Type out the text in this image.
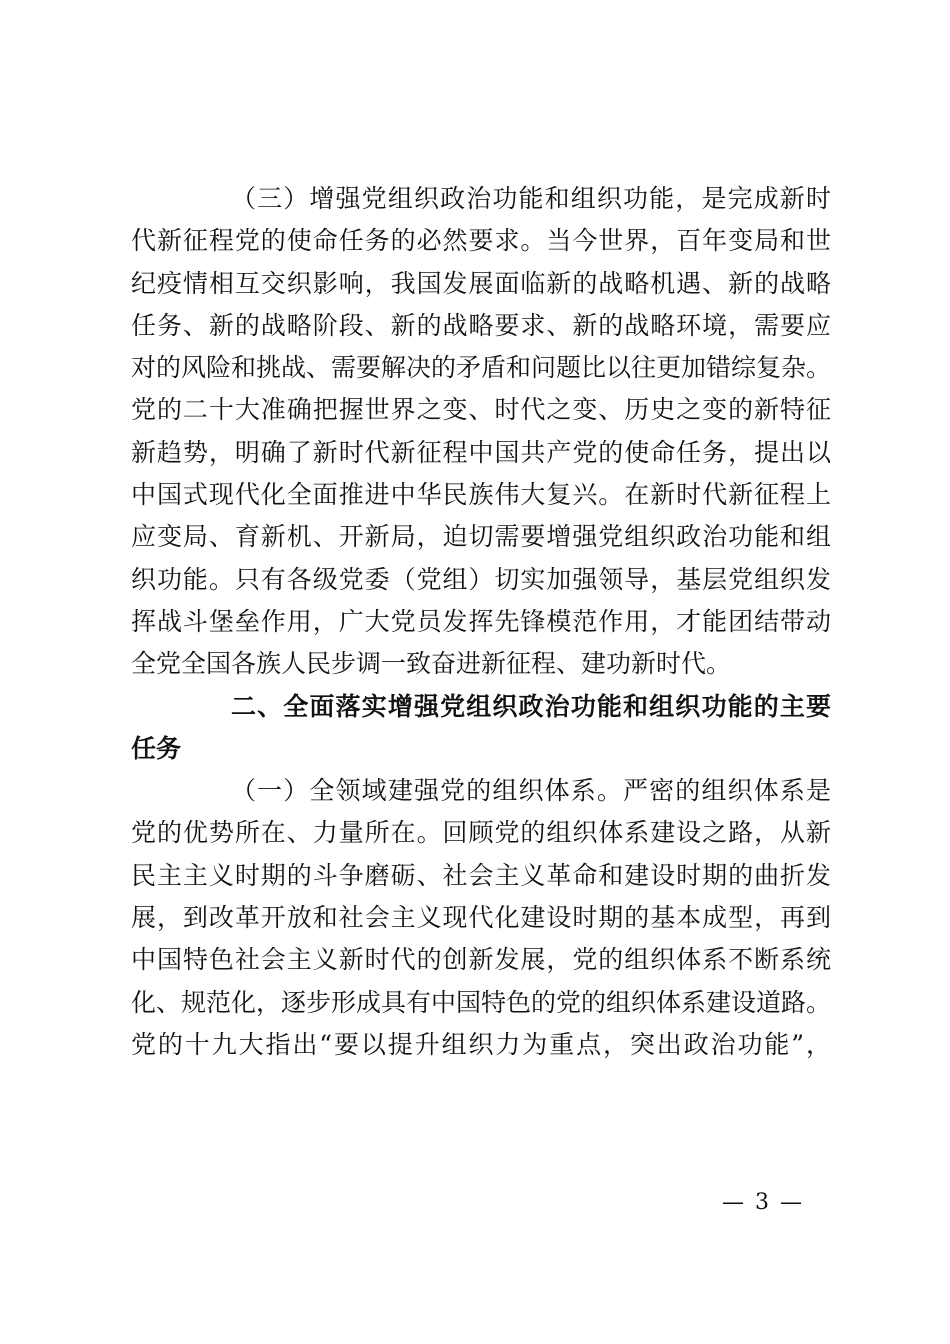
（三）增强党组织政治功能和组织功能，是完成新时
代新征程党的使命任务的必然要求。当今世界，百年变局和世
纪疫情相互交织影响，我国发展面临新的战略机遇、新的战略
任务、新的战略阶段、新的战略要求、新的战略环境，需要应
对的风险和挑战、需要解决的矛盾和问题比以往更加错综复杂。
党的二十大准确把握世界之变、时代之变、历史之变的新特征
新趋势，明确了新时代新征程中国共产党的使命任务，提出以
中国式现代化全面推进中华民族伟大复兴。在新时代新征程上
应变局、育新机、开新局，迫切需要增强党组织政治功能和组
织功能。只有各级党委（党组）切实加强领导，基层党组织发
挥战斗堡垒作用，广大党员发挥先锋模范作用，才能团结带动
全党全国各族人民步调一致奋进新征程、建功新时代。
二、全面落实增强党组织政治功能和组织功能的主要
任务
（一）全领域建强党的组织体系。严密的组织体系是
党的优势所在、力量所在。回顾党的组织体系建设之路，从新
民主主义时期的斗争磨砺、社会主义革命和建设时期的曲折发
展，到改革开放和社会主义现代化建设时期的基本成型，再到
中国特色社会主义新时代的创新发展，党的组织体系不断系统
化、规范化，逐步形成具有中国特色的党的组织体系建设道路。
党的十九大指出“要以提升组织力为重点，突出政治功能”，
— 3 —
